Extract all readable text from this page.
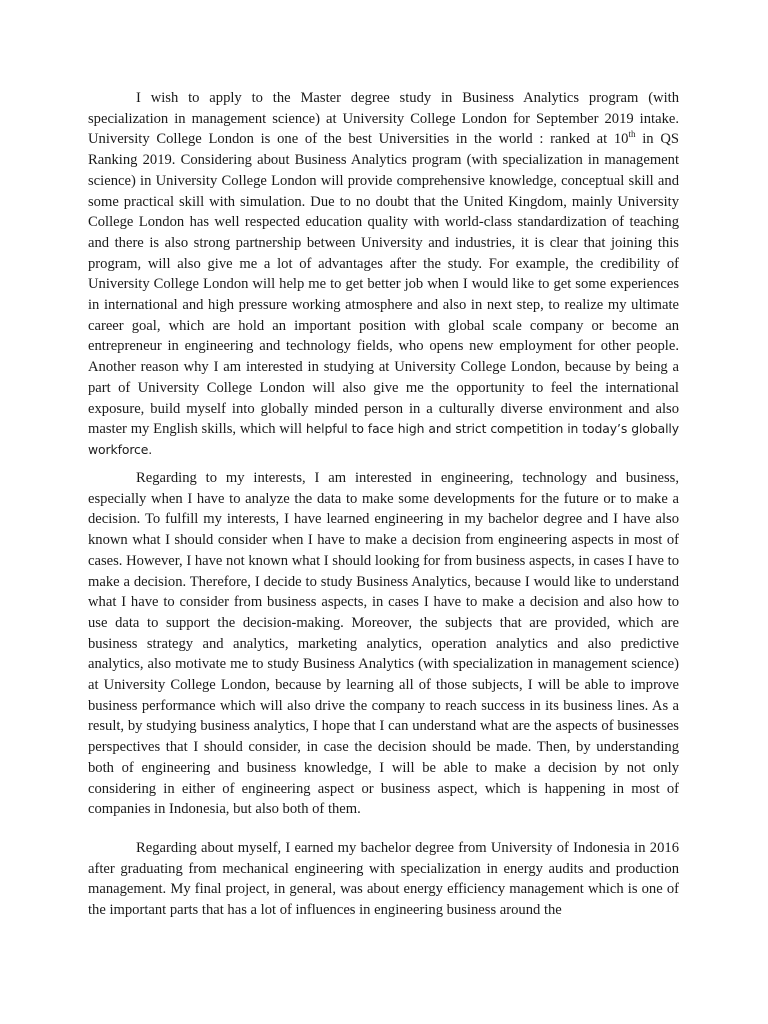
I wish to apply to the Master degree study in Business Analytics program (with specialization in management science) at University College London for September 2019 intake. University College London is one of the best Universities in the world : ranked at 10th in QS Ranking 2019. Considering about Business Analytics program (with specialization in management science) in University College London will provide comprehensive knowledge, conceptual skill and some practical skill with simulation. Due to no doubt that the United Kingdom, mainly University College London has well respected education quality with world-class standardization of teaching and there is also strong partnership between University and industries, it is clear that joining this program, will also give me a lot of advantages after the study. For example, the credibility of University College London will help me to get better job when I would like to get some experiences in international and high pressure working atmosphere and also in next step, to realize my ultimate career goal, which are hold an important position with global scale company or become an entrepreneur in engineering and technology fields, who opens new employment for other people. Another reason why I am interested in studying at University College London, because by being a part of University College London will also give me the opportunity to feel the international exposure, build myself into globally minded person in a culturally diverse environment and also master my English skills, which will helpful to face high and strict competition in today’s globally workforce.

Regarding to my interests, I am interested in engineering, technology and business, especially when I have to analyze the data to make some developments for the future or to make a decision. To fulfill my interests, I have learned engineering in my bachelor degree and I have also known what I should consider when I have to make a decision from engineering aspects in most of cases. However, I have not known what I should looking for from business aspects, in cases I have to make a decision. Therefore, I decide to study Business Analytics, because I would like to understand what I have to consider from business aspects, in cases I have to make a decision and also how to use data to support the decision-making. Moreover, the subjects that are provided, which are business strategy and analytics, marketing analytics, operation analytics and also predictive analytics, also motivate me to study Business Analytics (with specialization in management science) at University College London, because by learning all of those subjects, I will be able to improve business performance which will also drive the company to reach success in its business lines. As a result, by studying business analytics, I hope that I can understand what are the aspects of businesses perspectives that I should consider, in case the decision should be made. Then, by understanding both of engineering and business knowledge, I will be able to make a decision by not only considering in either of engineering aspect or business aspect, which is happening in most of companies in Indonesia, but also both of them.

Regarding about myself, I earned my bachelor degree from University of Indonesia in 2016 after graduating from mechanical engineering with specialization in energy audits and production management. My final project, in general, was about energy efficiency management which is one of the important parts that has a lot of influences in engineering business around the
